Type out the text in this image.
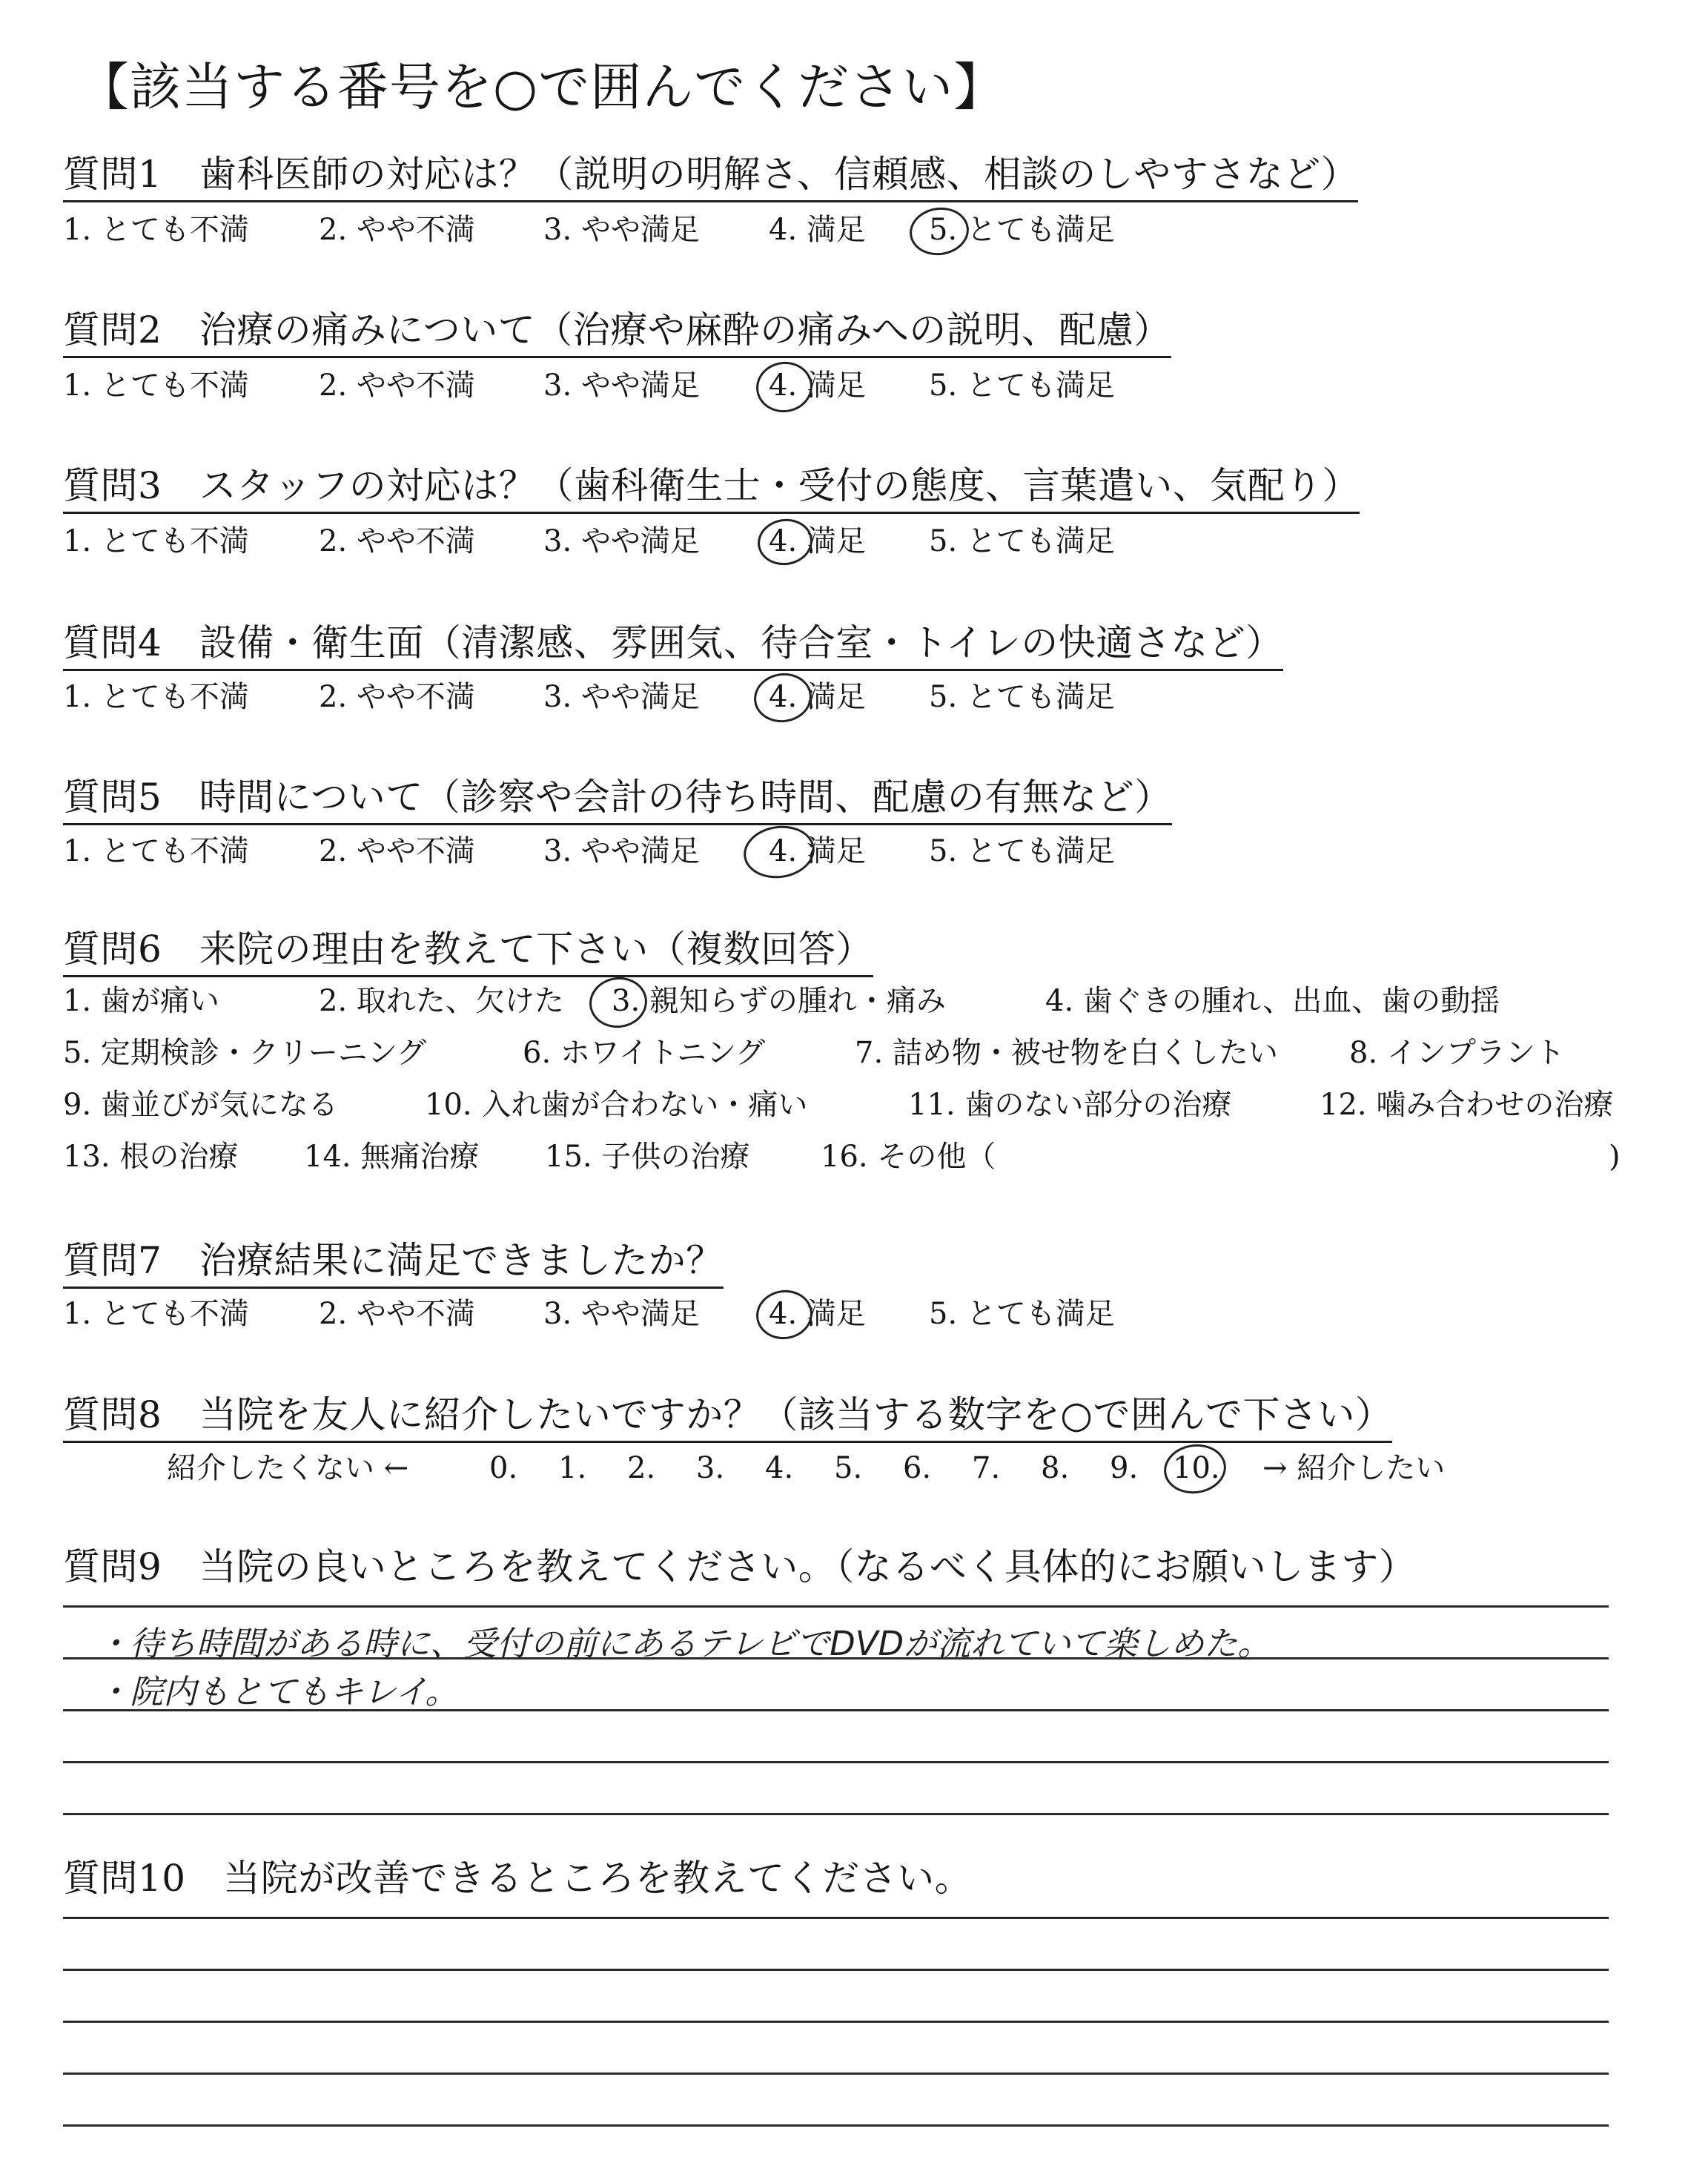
【該当する番号を○で囲んでください】
質問1　歯科医師の対応は？（説明の明解さ、信頼感、相談のしやすさなど）
1. とても不満 2. やや不満 3. やや満足 4. 満足 5. とても満足
質問2　治療の痛みについて（治療や麻酔の痛みへの説明、配慮）
1. とても不満 2. やや不満 3. やや満足 4. 満足 5. とても満足
質問3　スタッフの対応は？（歯科衛生士・受付の態度、言葉遣い、気配り）
1. とても不満 2. やや不満 3. やや満足 4. 満足 5. とても満足
質問4　設備・衛生面（清潔感、雰囲気、待合室・トイレの快適さなど）
1. とても不満 2. やや不満 3. やや満足 4. 満足 5. とても満足
質問5　時間について（診察や会計の待ち時間、配慮の有無など）
1. とても不満 2. やや不満 3. やや満足 4. 満足 5. とても満足
質問6　来院の理由を教えて下さい（複数回答）
1. 歯が痛い	2. 取れた、欠けた 3. 親知らずの腫れ・痛み	4. 歯ぐきの腫れ、出血、歯の動揺
5. 定期検診・クリーニング	6. ホワイトニング	7. 詰め物・被せ物を白くしたい 8. インプラント
9. 歯並びが気になる	10. 入れ歯が合わない・痛い	11. 歯のない部分の治療	12. 噛み合わせの治療
13. 根の治療 14. 無痛治療 15. 子供の治療 16. その他（	)
質問7　治療結果に満足できましたか？
1. とても不満 2. やや不満 3. やや満足 4. 満足 5. とても満足
質問8　当院を友人に紹介したいですか？（該当する数字を○で囲んで下さい）
紹介したくない ←	0. 1. 2. 3. 4. 5. 6. 7. 8. 9. 10. → 紹介したい
質問9　当院の良いところを教えてください。（なるべく具体的にお願いします）
・待ち時間がある時に、受付の前にあるテレビでDVDが流れていて楽しめた。
・院内もとてもキレイ。
質問10　当院が改善できるところを教えてください。
